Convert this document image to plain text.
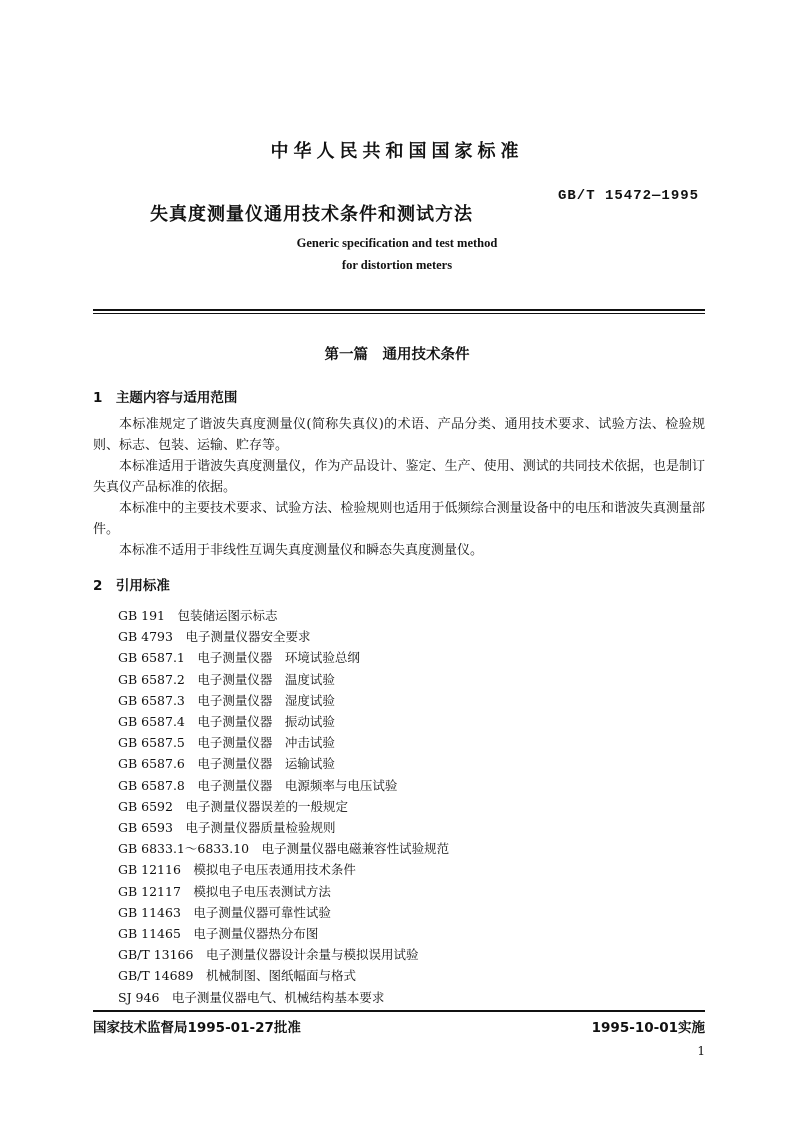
中华人民共和国国家标准
失真度测量仪通用技术条件和测试方法
GB/T 15472—1995
Generic specification and test method
for distortion meters
第一篇　通用技术条件
1　主题内容与适用范围
本标准规定了谐波失真度测量仪(简称失真仪)的术语、产品分类、通用技术要求、试验方法、检验规则、标志、包装、运输、贮存等。
本标准适用于谐波失真度测量仪，作为产品设计、鉴定、生产、使用、测试的共同技术依据，也是制订失真仪产品标准的依据。
本标准中的主要技术要求、试验方法、检验规则也适用于低频综合测量设备中的电压和谐波失真测量部件。
本标准不适用于非线性互调失真度测量仪和瞬态失真度测量仪。
2　引用标准
GB 191　包装储运图示标志
GB 4793　电子测量仪器安全要求
GB 6587.1　电子测量仪器　环境试验总纲
GB 6587.2　电子测量仪器　温度试验
GB 6587.3　电子测量仪器　湿度试验
GB 6587.4　电子测量仪器　振动试验
GB 6587.5　电子测量仪器　冲击试验
GB 6587.6　电子测量仪器　运输试验
GB 6587.8　电子测量仪器　电源频率与电压试验
GB 6592　电子测量仪器误差的一般规定
GB 6593　电子测量仪器质量检验规则
GB 6833.1～6833.10　电子测量仪器电磁兼容性试验规范
GB 12116　模拟电子电压表通用技术条件
GB 12117　模拟电子电压表测试方法
GB 11463　电子测量仪器可靠性试验
GB 11465　电子测量仪器热分布图
GB/T 13166　电子测量仪器设计余量与模拟误用试验
GB/T 14689　机械制图、图纸幅面与格式
SJ 946　电子测量仪器电气、机械结构基本要求
国家技术监督局1995-01-27批准	1995-10-01实施
1
